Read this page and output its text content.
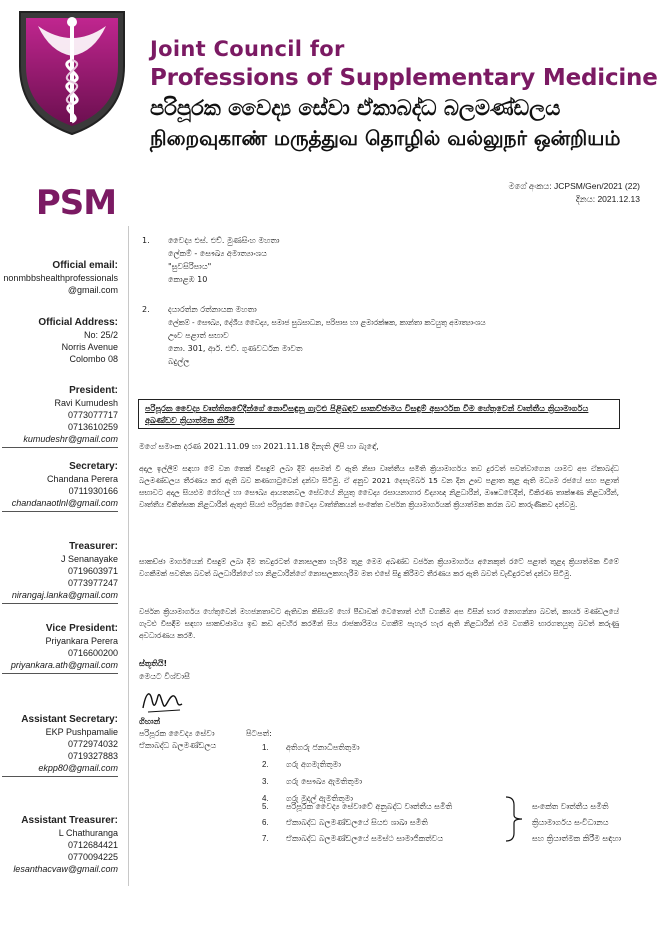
Joint Council for
Professions of Supplementary Medicine
පරිපූරක වෛද්‍ය සේවා ඒකාබද්ධ බලමණ්ඩලය
நிறைவுகாண் மருத்துவ தொழில் வல்லுநர் ஒன்றியம்
PSM
Official email:
nonmbbshealthprofessionals
@gmail.com
Official Address:
No: 25/2
Norris Avenue
Colombo 08
President:
Ravi Kumudesh
0773077717
0713610259
kumudeshr@gmail.com
Secretary:
Chandana Perera
0711930166
chandanaotlnl@gmail.com
Treasurer:
J Senanayake
0719603971
0773977247
nirangaj.lanka@gmail.com
Vice President:
Priyankara Perera
0716600200
priyankara.ath@gmail.com
Assistant Secretary:
EKP Pushpamalie
0772974032
0719327883
ekpp80@gmail.com
Assistant Treasurer:
L Chathuranga
0712684421
0770094225
lesanthacvaw@gmail.com
මගේ අංකය: JCPSM/Gen/2021 (22)
දිනය: 2021.12.13
1. වෛද්‍ය එස්. එච්. මුණසිංහ මහතා
ලේකම් - සෞඛ්‍ය අමාත්‍යාංශය
"සුවසිරිපාය"
කොළඹ 10
2. දයාරත්න රත්නායක මහතා
ලේකම් - සෞඛ්‍ය, දේශීය වෛද්‍ය, සමාජ සුබසාධන, පරිපාස හා ළමාරක්ෂක, කාන්තා කටයුතු අමාත්‍යාංශය
ඌව පළාත් සභාව
නො. 301, ආර්. එච්. ගුණවර්ධන මාවත
බදුල්ල
පරිපූරක වෛද්‍ය වෘත්තිකවේදීන්ගේ නොවිසඳුනු ගැටළු පිළිබඳව සාකච්ඡාමය විසඳුම් අසාර්ථක වීම හේතුවෙන් වෘත්තීය ක්‍රියාමාර්ගය අඛණ්ඩව ක්‍රියාත්මක කිරීම
මගේ සමාංක දරණ 2021.11.09 හා 2021.11.18 දිනැති ලිපි හා බැඳේ,
අදාල ඉල්ලීම් සඳහා මේ වන තෙක් විසඳුම් ලබා දීම් අසමත් වී ඇති නිසා වෘත්තීය සමිති ක්‍රියාමාර්ගය තව දුරටත් පවත්වාගෙන යාමට අප ඒකාබද්ධ බලමණ්ඩලය තීරණය කර ඇති බව කණගාටුවෙන් දන්වා සිටිමු. ඒ අනුව 2021 දෙසැම්බර් 15 වන දින ඌව පළාත කුළ ඇති මධ්‍යම රජයේ සහ පළාත් සභාවට අදාල සියළුම රෝහල් හා සෞඛ්‍ය ආයතනවල සේවයේ නියුතු වෛද්‍ය රසායනාගාර විද්‍යාඥ නිළධාරීන්, ඖෂධවේදීන්, විකිරණ තාක්ෂණ නිළධාරීන්, වෘත්තීය චිකිත්සක නිළධාරීන් ඇතුළු සියළු පරිපූරක වෛද්‍ය වෘත්තිකයන් සංකේත වර්ජන ක්‍රියාමාර්ගයක් ක්‍රියාත්මක කරන බව කාරුණිකව දන්වමු.
සාකච්ඡා මාර්ගයෙන් විසඳුම් ලබා දීම තවදුරටත් නොසලකා හැරීම තුළ මෙම අඛණ්ඩ වර්ජන ක්‍රියාමාර්ගය අනෙකුත් රටේ පළාත් තුළද ක්‍රියාත්මක වීමේ වගකීමක් පවතින බවත් බලධාරීන්ගේ හා නිළධාරීන්ගේ නොසලකාහැරීම මත එසේ සිදු කිරීමට තීරණය කර ඇති බවත් වැඩිදුරටත් දන්වා සිටිමු.
වර්ජන ක්‍රියාමාර්ගය හේතුවෙන් මහජනතාවට ඇතිවන කිසියම් හෝ පීඩාවක් වෙතොත් එහි වගකීම අප විසින් භාර නොගන්නා බවත්, කාර්ය මණ්ඩලයේ ගැටළු විසඳීම සඳහා සාකච්ඡාමය ඉඩ කඩ අවහිර කරමින් සිය රාජකාරිමය වගකීම් පැහැර හැර ඇති නිළධාරීන් එම වගකීම භාරගතයුතු බවත් කරුණු අවධාරණය කරමි.
ස්තූතියි!
මෙයට විශ්වාසී
ගිහාන්
පරිපූරක වෛද්‍ය සේවා
ඒකාබද්ධ බලමණ්ඩලය
පිටපත්:
1.	අතිගරු ජනාධිපතිතුමා
2.	ගරු අගමැතිතුමා
3.	ගරු සෞඛ්‍ය ඇමතිතුමා
4.	ගරු මුදල් ඇමතිතුමා
5.	පරිපූරක වෛද්‍ය සේවාවේ අනුබද්ධ වෘත්තීය සමිති
6.	ඒකාබද්ධ බලමණ්ඩලයේ සියළු ශාඛා සමිති
7.	ඒකාබද්ධ බලමණ්ඩලයේ සමස්ථ සාමාජිකත්වය
සංකේත වෘත්තීය සමිති
ක්‍රියාමාර්ගය සංවිධානය
සහ ක්‍රියාත්මක කිරීම සඳහා
